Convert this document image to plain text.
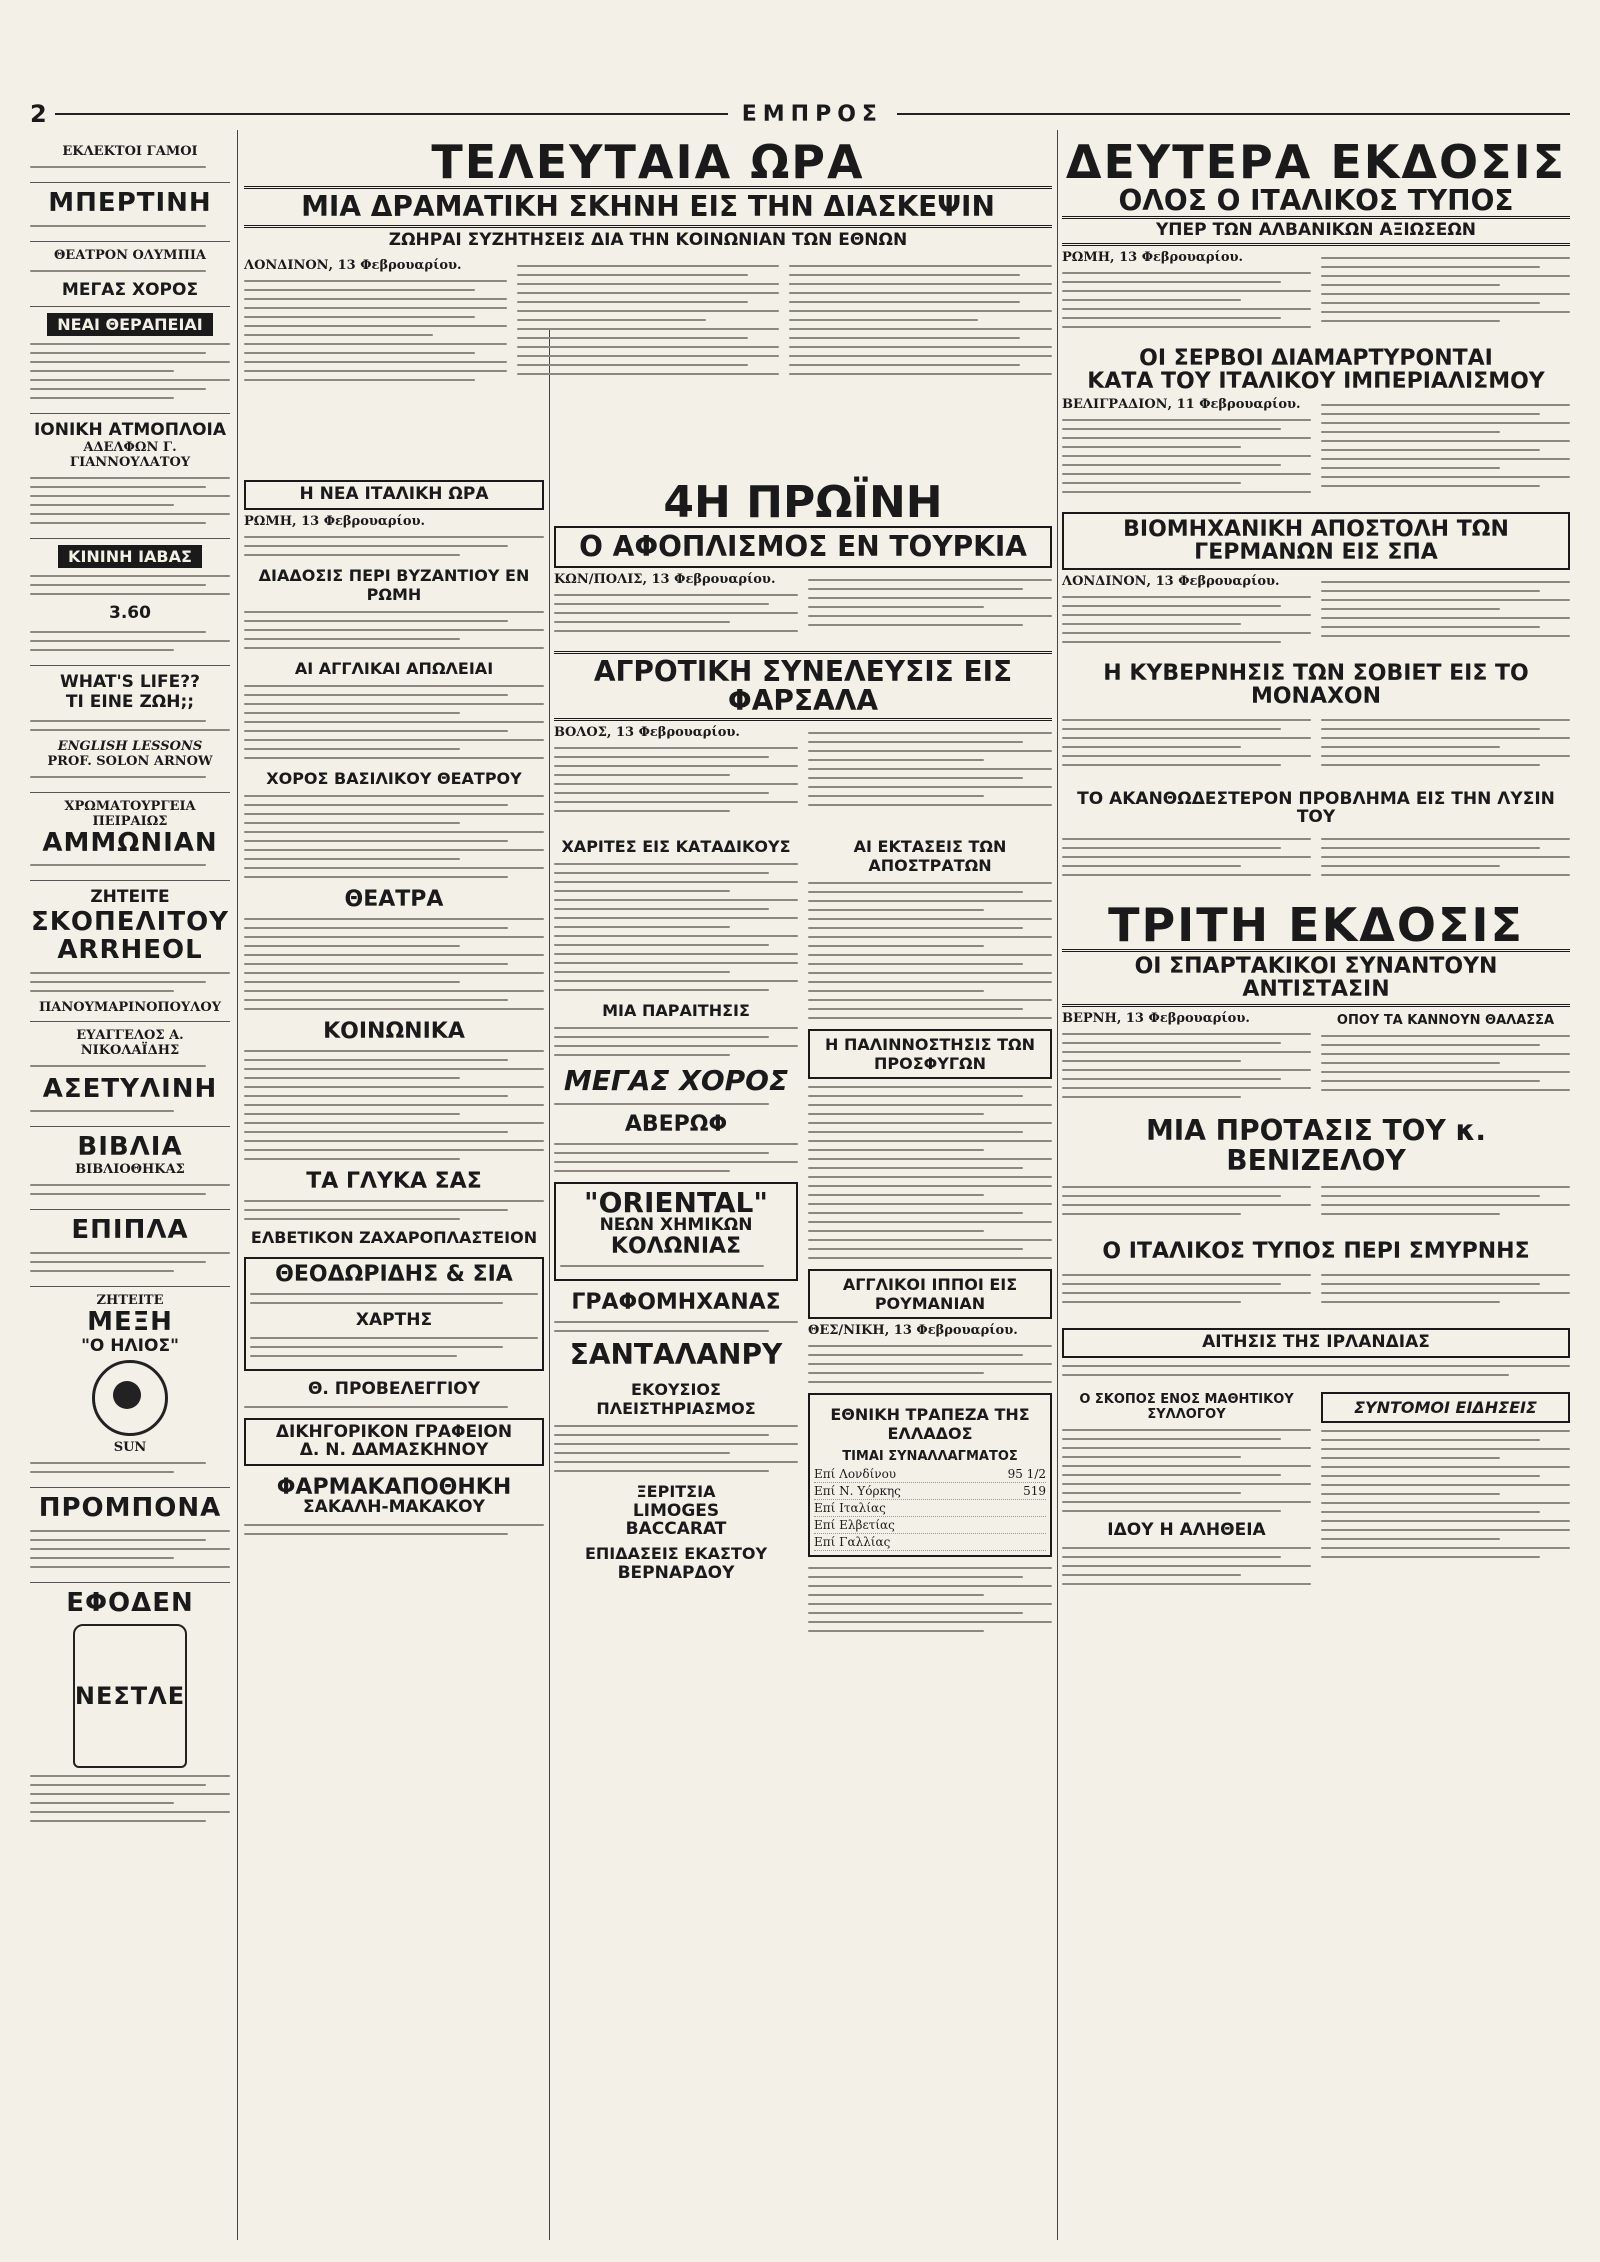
2	ΕΜΠΡΟΣ
ΕΚΛΕΚΤΟΙ ΓΑΜΟΙ
ΜΠΕΡΤΙΝΗ
ΘΕΑΤΡΟΝ ΟΛΥΜΠΙΑ
ΜΕΓΑΣ ΧΟΡΟΣ
ΝΕΑΙ ΘΕΡΑΠΕΙΑΙ
ΙΟΝΙΚΗ ΑΤΜΟΠΛΟΙΑ
ΑΔΕΛΦΩΝ Γ. ΓΙΑΝΝΟΥΛΑΤΟΥ
ΚΙΝΙΝΗ ΙΑΒΑΣ
3.60
WHAT'S LIFE??
ΤΙ ΕΙΝΕ ΖΩΗ;;
ENGLISH LESSONS
PROF. SOLON ARNOW
ΧΡΩΜΑΤΟΥΡΓΕΙΑ ΠΕΙΡΑΙΩΣ
ΑΜΜΩΝΙΑΝ
ΖΗΤΕΙΤΕ
ΣΚΟΠΕΛΙΤΟΥ
ARRHEOL
ΠΑΝΟΥΜΑΡΙΝΟΠΟΥΛΟΥ
ΕΥΑΓΓΕΛΟΣ Α. ΝΙΚΟΛΑΪΔΗΣ
ΑΣΕΤΥΛΙΝΗ
ΒΙΒΛΙΑ
ΒΙΒΛΙΟΘΗΚΑΣ
ΕΠΙΠΛΑ
ΖΗΤΕΙΤΕ
ΜΕΞΗ
"Ο ΗΛΙΟΣ"
SUN
ΠΡΟΜΠΟΝΑ
ΕΦΟΔΕΝ
ΝΕΣΤΛΕ
ΤΕΛΕΥΤΑΙΑ ΩΡΑ
ΜΙΑ ΔΡΑΜΑΤΙΚΗ ΣΚΗΝΗ ΕΙΣ ΤΗΝ ΔΙΑΣΚΕΨΙΝ
ΖΩΗΡΑΙ ΣΥΖΗΤΗΣΕΙΣ ΔΙΑ ΤΗΝ ΚΟΙΝΩΝΙΑΝ ΤΩΝ ΕΘΝΩΝ
ΛΟΝΔΙΝΟΝ, 13 Φεβρουαρίου.
Η ΝΕΑ ΙΤΑΛΙΚΗ ΩΡΑ
ΡΩΜΗ, 13 Φεβρουαρίου.
ΔΙΑΔΟΣΙΣ ΠΕΡΙ ΒΥΖΑΝΤΙΟΥ ΕΝ ΡΩΜΗ
ΑΙ ΑΓΓΛΙΚΑΙ ΑΠΩΛΕΙΑΙ
ΧΟΡΟΣ ΒΑΣΙΛΙΚΟΥ ΘΕΑΤΡΟΥ
ΘΕΑΤΡΑ
ΚΟΙΝΩΝΙΚΑ
ΤΑ ΓΛΥΚΑ ΣΑΣ
ΕΛΒΕΤΙΚΟΝ ΖΑΧΑΡΟΠΛΑΣΤΕΙΟΝ
ΘΕΟΔΩΡΙΔΗΣ & ΣΙΑ
ΧΑΡΤΗΣ
Θ. ΠΡΟΒΕΛΕΓΓΙΟΥ
ΔΙΚΗΓΟΡΙΚΟΝ ΓΡΑΦΕΙΟΝ
Δ. Ν. ΔΑΜΑΣΚΗΝΟΥ
ΦΑΡΜΑΚΑΠΟΘΗΚΗ
ΣΑΚΑΛΗ-ΜΑΚΑΚΟΥ
4Η ΠΡΩΪΝΗ
Ο ΑΦΟΠΛΙΣΜΟΣ ΕΝ ΤΟΥΡΚΙΑ
ΚΩΝ/ΠΟΛΙΣ, 13 Φεβρουαρίου.
ΑΓΡΟΤΙΚΗ ΣΥΝΕΛΕΥΣΙΣ ΕΙΣ ΦΑΡΣΑΛΑ
ΒΟΛΟΣ, 13 Φεβρουαρίου.
ΧΑΡΙΤΕΣ ΕΙΣ ΚΑΤΑΔΙΚΟΥΣ
ΜΙΑ ΠΑΡΑΙΤΗΣΙΣ
ΜΕΓΑΣ ΧΟΡΟΣ
ΑΒΕΡΩΦ
"ORIENTAL"
ΝΕΩΝ ΧΗΜΙΚΩΝ
ΚΟΛΩΝΙΑΣ
ΓΡΑΦΟΜΗΧΑΝΑΣ
ΣΑΝΤΑΛΑΝΡΥ
ΕΚΟΥΣΙΟΣ ΠΛΕΙΣΤΗΡΙΑΣΜΟΣ
ΞΕΡΙΤΣΙΑ
LIMOGES
BACCARAT
ΕΠΙΔΑΣΕΙΣ ΕΚΑΣΤΟΥ
ΒΕΡΝΑΡΔΟΥ
ΑΙ ΕΚΤΑΣΕΙΣ ΤΩΝ ΑΠΟΣΤΡΑΤΩΝ
Η ΠΑΛΙΝΝΟΣΤΗΣΙΣ ΤΩΝ ΠΡΟΣΦΥΓΩΝ
ΑΓΓΛΙΚΟΙ ΙΠΠΟΙ ΕΙΣ ΡΟΥΜΑΝΙΑΝ
ΘΕΣ/ΝΙΚΗ, 13 Φεβρουαρίου.
ΕΘΝΙΚΗ ΤΡΑΠΕΖΑ ΤΗΣ ΕΛΛΑΔΟΣ
ΤΙΜΑΙ ΣΥΝΑΛΛΑΓΜΑΤΟΣ
Επί Λονδίνου	95 1/2
Επί Ν. Υόρκης	519
Επί Ιταλίας
Επί Ελβετίας
Επί Γαλλίας
ΔΕΥΤΕΡΑ ΕΚΔΟΣΙΣ
ΟΛΟΣ Ο ΙΤΑΛΙΚΟΣ ΤΥΠΟΣ
ΥΠΕΡ ΤΩΝ ΑΛΒΑΝΙΚΩΝ ΑΞΙΩΣΕΩΝ
ΡΩΜΗ, 13 Φεβρουαρίου.
ΟΙ ΣΕΡΒΟΙ ΔΙΑΜΑΡΤΥΡΟΝΤΑΙ
ΚΑΤΑ ΤΟΥ ΙΤΑΛΙΚΟΥ ΙΜΠΕΡΙΑΛΙΣΜΟΥ
ΒΕΛΙΓΡΑΔΙΟΝ, 11 Φεβρουαρίου.
ΒΙΟΜΗΧΑΝΙΚΗ ΑΠΟΣΤΟΛΗ ΤΩΝ ΓΕΡΜΑΝΩΝ ΕΙΣ ΣΠΑ
ΛΟΝΔΙΝΟΝ, 13 Φεβρουαρίου.
Η ΚΥΒΕΡΝΗΣΙΣ ΤΩΝ ΣΟΒΙΕΤ ΕΙΣ ΤΟ ΜΟΝΑΧΟΝ
ΤΟ ΑΚΑΝΘΩΔΕΣΤΕΡΟΝ ΠΡΟΒΛΗΜΑ ΕΙΣ ΤΗΝ ΛΥΣΙΝ ΤΟΥ
ΤΡΙΤΗ ΕΚΔΟΣΙΣ
ΟΙ ΣΠΑΡΤΑΚΙΚΟΙ ΣΥΝΑΝΤΟΥΝ ΑΝΤΙΣΤΑΣΙΝ
ΒΕΡΝΗ, 13 Φεβρουαρίου.	ΟΠΟΥ ΤΑ ΚΑΝΝΟΥΝ ΘΑΛΑΣΣΑ
ΜΙΑ ΠΡΟΤΑΣΙΣ ΤΟΥ κ. ΒΕΝΙΖΕΛΟΥ
Ο ΙΤΑΛΙΚΟΣ ΤΥΠΟΣ ΠΕΡΙ ΣΜΥΡΝΗΣ
ΑΙΤΗΣΙΣ ΤΗΣ ΙΡΛΑΝΔΙΑΣ
Ο ΣΚΟΠΟΣ ΕΝΟΣ ΜΑΘΗΤΙΚΟΥ ΣΥΛΛΟΓΟΥ
ΙΔΟΥ Η ΑΛΗΘΕΙΑ
ΣΥΝΤΟΜΟΙ ΕΙΔΗΣΕΙΣ
